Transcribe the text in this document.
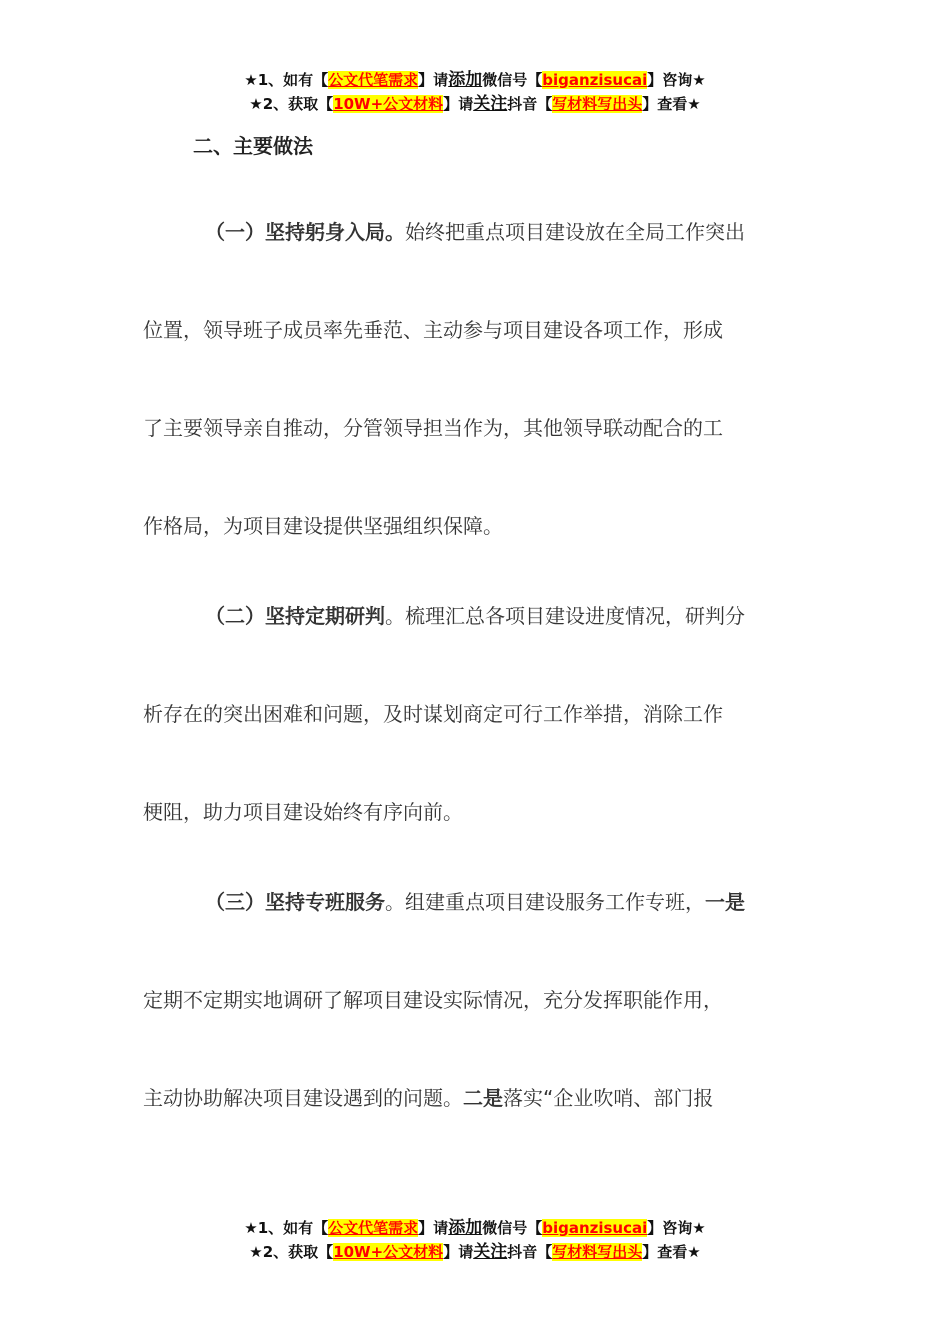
★1、如有【公文代笔需求】请添加微信号【biganzisucai】咨询★
★2、获取【10W+公文材料】请关注抖音【写材料写出头】查看★
二、主要做法

（一）坚持躬身入局。始终把重点项目建设放在全局工作突出
位置，领导班子成员率先垂范、主动参与项目建设各项工作，形成
了主要领导亲自推动，分管领导担当作为，其他领导联动配合的工
作格局，为项目建设提供坚强组织保障。

（二）坚持定期研判。梳理汇总各项目建设进度情况，研判分
析存在的突出困难和问题，及时谋划商定可行工作举措，消除工作
梗阻，助力项目建设始终有序向前。

（三）坚持专班服务。组建重点项目建设服务工作专班，一是
定期不定期实地调研了解项目建设实际情况，充分发挥职能作用，
主动协助解决项目建设遇到的问题。二是落实“企业吹哨、部门报

★1、如有【公文代笔需求】请添加微信号【biganzisucai】咨询★
★2、获取【10W+公文材料】请关注抖音【写材料写出头】查看★
